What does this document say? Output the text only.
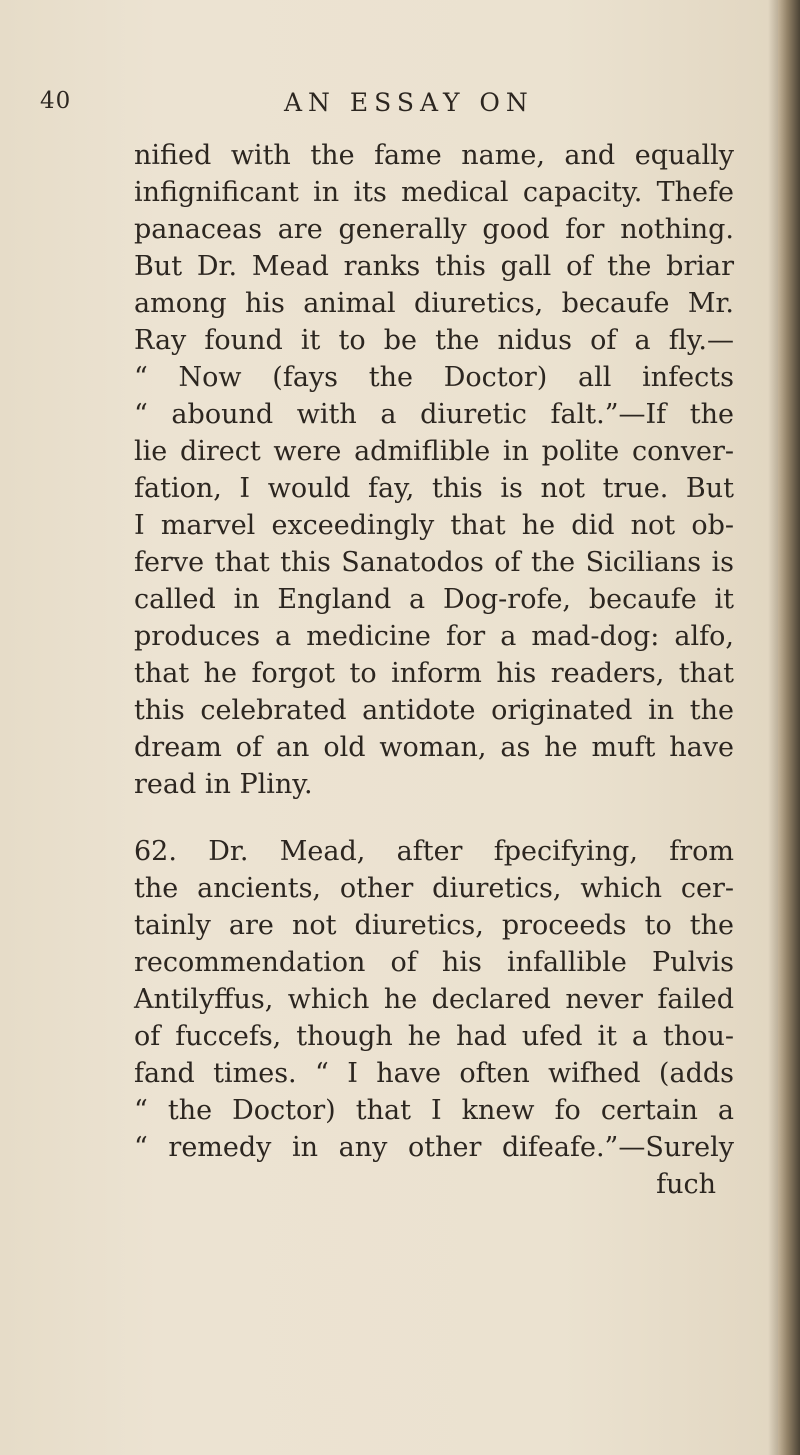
40	AN ESSAY ON
nified with the fame name, and equally
infignificant in its medical capacity. Thefe
panaceas are generally good for nothing.
But Dr. Mead ranks this gall of the briar
among his animal diuretics, becaufe Mr.
Ray found it to be the nidus of a fly.—
“ Now (fays the Doctor) all infects
“ abound with a diuretic falt.”—If the
lie direct were admiflible in polite conver-
fation, I would fay, this is not true. But
I marvel exceedingly that he did not ob-
ferve that this Sanatodos of the Sicilians is
called in England a Dog-rofe, becaufe it
produces a medicine for a mad-dog: alfo,
that he forgot to inform his readers, that
this celebrated antidote originated in the
dream of an old woman, as he muft have
read in Pliny.
62. Dr. Mead, after fpecifying, from
the ancients, other diuretics, which cer-
tainly are not diuretics, proceeds to the
recommendation of his infallible Pulvis
Antilyffus, which he declared never failed
of fuccefs, though he had ufed it a thou-
fand times. “ I have often wifhed (adds
“ the Doctor) that I knew fo certain a
“ remedy in any other difeafe.”—Surely
fuch
